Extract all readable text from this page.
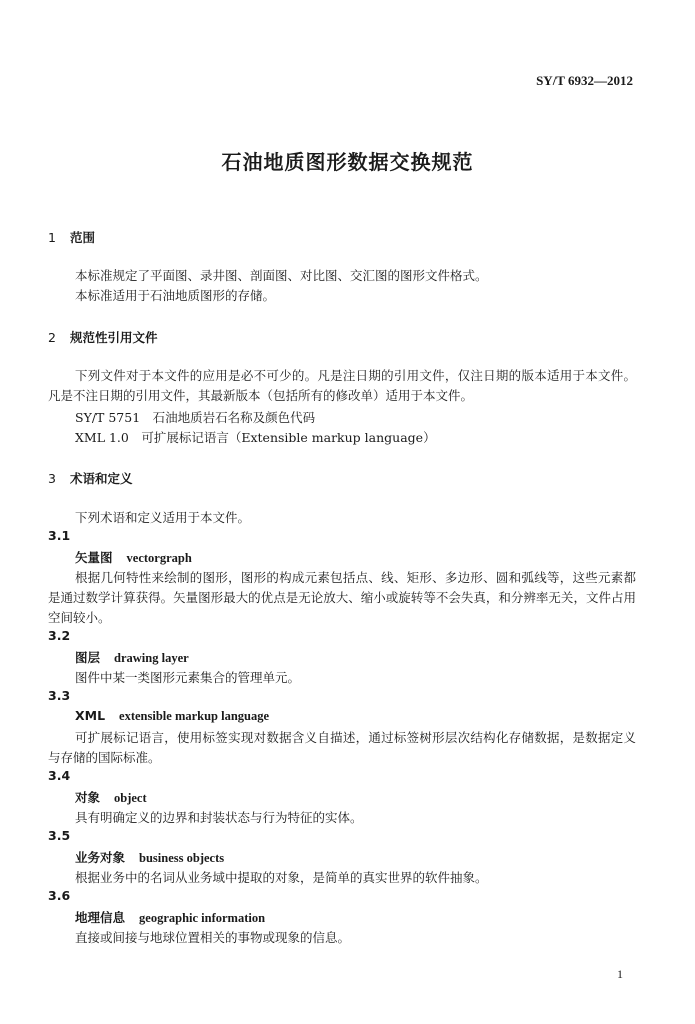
SY/T 6932—2012
石油地质图形数据交换规范
1 范围
本标准规定了平面图、录井图、剖面图、对比图、交汇图的图形文件格式。
本标准适用于石油地质图形的存储。
2 规范性引用文件
下列文件对于本文件的应用是必不可少的。凡是注日期的引用文件，仅注日期的版本适用于本文件。凡是不注日期的引用文件，其最新版本（包括所有的修改单）适用于本文件。
SY/T 5751　石油地质岩石名称及颜色代码
XML 1.0　可扩展标记语言（Extensible markup language）
3 术语和定义
下列术语和定义适用于本文件。
3.1
矢量图 vectorgraph
根据几何特性来绘制的图形，图形的构成元素包括点、线、矩形、多边形、圆和弧线等，这些元素都是通过数学计算获得。矢量图形最大的优点是无论放大、缩小或旋转等不会失真，和分辨率无关，文件占用空间较小。
3.2
图层 drawing layer
图件中某一类图形元素集合的管理单元。
3.3
XML extensible markup language
可扩展标记语言，使用标签实现对数据含义自描述，通过标签树形层次结构化存储数据，是数据定义与存储的国际标准。
3.4
对象 object
具有明确定义的边界和封装状态与行为特征的实体。
3.5
业务对象 business objects
根据业务中的名词从业务域中提取的对象，是简单的真实世界的软件抽象。
3.6
地理信息 geographic information
直接或间接与地球位置相关的事物或现象的信息。
1
